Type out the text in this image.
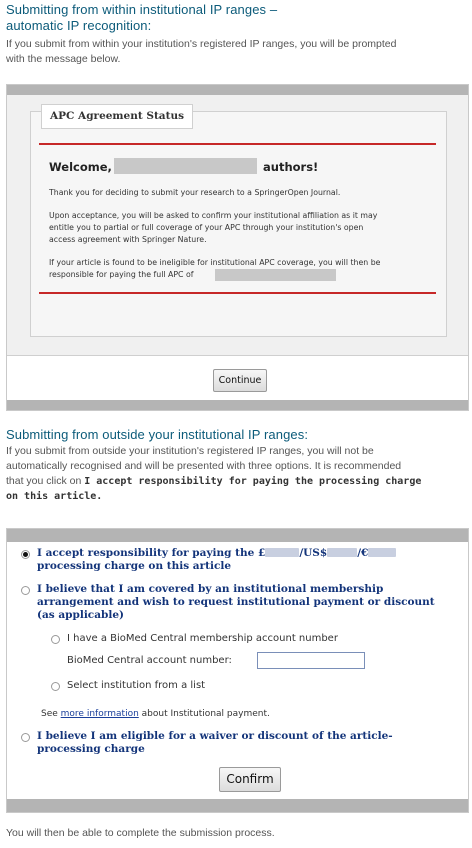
Submitting from within institutional IP ranges –
automatic IP recognition:
If you submit from within your institution's registered IP ranges, you will be prompted
with the message below.
APC Agreement Status
Welcome,	authors!
Thank you for deciding to submit your research to a SpringerOpen Journal.
Upon acceptance, you will be asked to confirm your institutional affiliation as it may
entitle you to partial or full coverage of your APC through your institution's open
access agreement with Springer Nature.
If your article is found to be ineligible for institutional APC coverage, you will then be
responsible for paying the full APC of
Continue
Submitting from outside your institutional IP ranges:
If you submit from outside your institution's registered IP ranges, you will not be
automatically recognised and will be presented with three options. It is recommended
that you click on I accept responsibility for paying the processing charge
on this article.
I accept responsibility for paying the £	/US$	/€
processing charge on this article
I believe that I am covered by an institutional membership
arrangement and wish to request institutional payment or discount
(as applicable)
I have a BioMed Central membership account number
BioMed Central account number:
Select institution from a list
See more information about Institutional payment.
I believe I am eligible for a waiver or discount of the article-
processing charge
Confirm
You will then be able to complete the submission process.
